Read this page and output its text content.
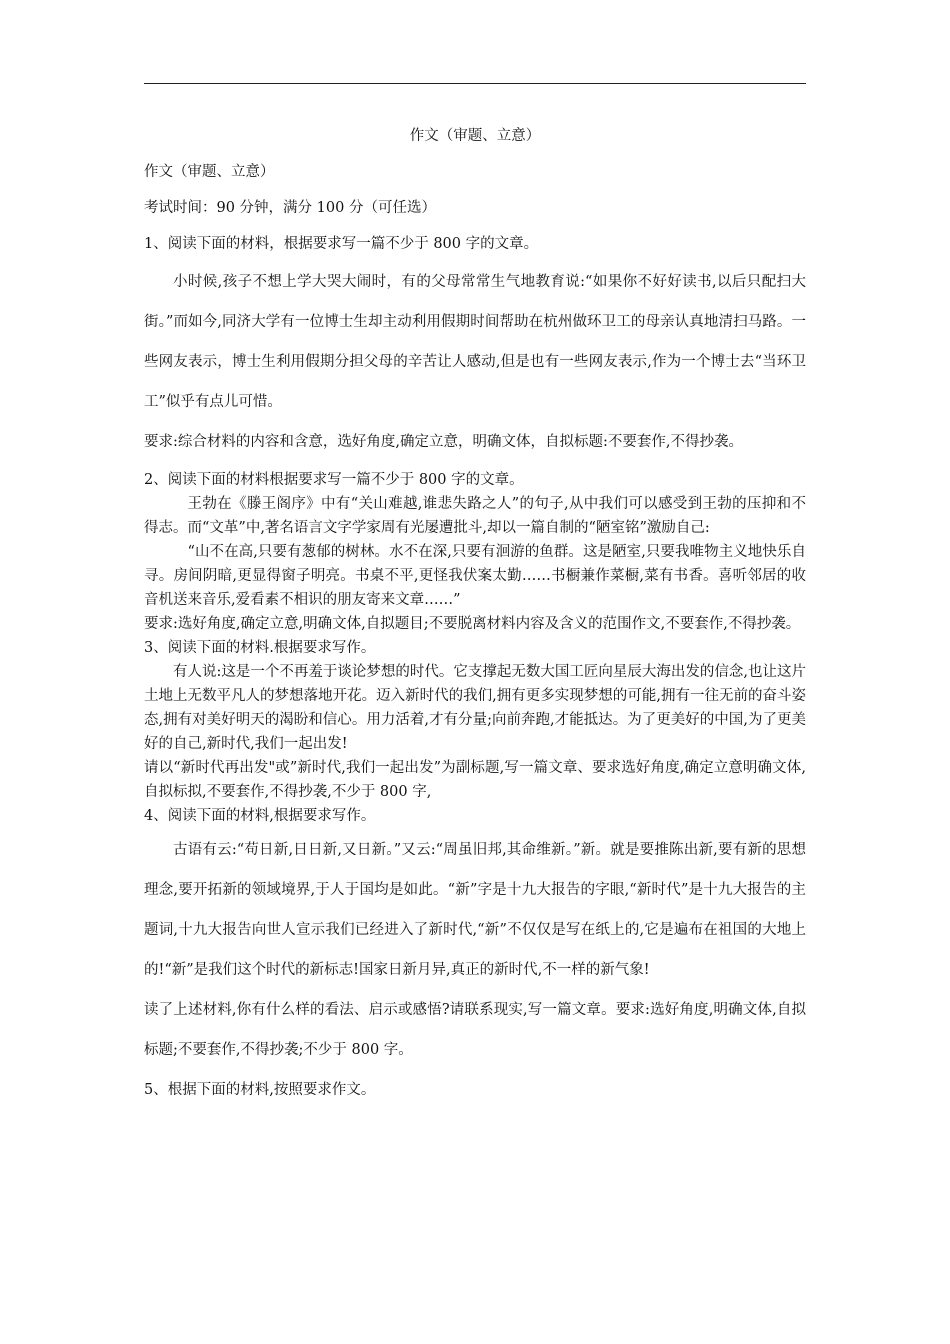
作文（审题、立意）

作文（审题、立意）

考试时间：90 分钟，满分 100 分（可任选）

1、阅读下面的材料，根据要求写一篇不少于 800 字的文章。

小时候,孩子不想上学大哭大闹时，有的父母常常生气地教育说:“如果你不好好读书,以后只配扫大街。”而如今,同济大学有一位博士生却主动利用假期时间帮助在杭州做环卫工的母亲认真地清扫马路。一些网友表示，博士生利用假期分担父母的辛苦让人感动,但是也有一些网友表示,作为一个博士去“当环卫工”似乎有点儿可惜。

要求:综合材料的内容和含意，选好角度,确定立意，明确文体，自拟标题:不要套作,不得抄袭。

2、阅读下面的材料根据要求写一篇不少于 800 字的文章。

王勃在《滕王阁序》中有“关山难越,谁悲失路之人”的句子,从中我们可以感受到王勃的压抑和不得志。而“文革”中,著名语言文字学家周有光屡遭批斗,却以一篇自制的“陋室铭”激励自己:

“山不在高,只要有葱郁的树林。水不在深,只要有洄游的鱼群。这是陋室,只要我唯物主义地快乐自寻。房间阴暗,更显得窗子明亮。书桌不平,更怪我伏案太勤……书橱兼作菜橱,菜有书香。喜听邻居的收音机送来音乐,爱看素不相识的朋友寄来文章……”

要求:选好角度,确定立意,明确文体,自拟题目;不要脱离材料内容及含义的范围作文,不要套作,不得抄袭。

3、阅读下面的材料.根据要求写作。

有人说:这是一个不再羞于谈论梦想的时代。它支撑起无数大国工匠向星辰大海出发的信念,也让这片土地上无数平凡人的梦想落地开花。迈入新时代的我们,拥有更多实现梦想的可能,拥有一往无前的奋斗姿态,拥有对美好明天的渴盼和信心。用力活着,才有分量;向前奔跑,才能抵达。为了更美好的中国,为了更美好的自己,新时代,我们一起出发!

请以“新时代再出发"或”新时代,我们一起出发”为副标题,写一篇文章、要求选好角度,确定立意明确文体,自拟标拟,不要套作,不得抄袭,不少于 800 字,

4、阅读下面的材料,根据要求写作。

古语有云:“苟日新,日日新,又日新。”又云:“周虽旧邦,其命维新。”新。就是要推陈出新,要有新的思想理念,要开拓新的领域境界,于人于国均是如此。“新”字是十九大报告的字眼,“新时代”是十九大报告的主题词,十九大报告向世人宣示我们已经进入了新时代,“新”不仅仅是写在纸上的,它是遍布在祖国的大地上的!“新”是我们这个时代的新标志!国家日新月异,真正的新时代,不一样的新气象!

读了上述材料,你有什么样的看法、启示或感悟?请联系现实,写一篇文章。要求:选好角度,明确文体,自拟标题;不要套作,不得抄袭;不少于 800 字。

5、根据下面的材料,按照要求作文。
